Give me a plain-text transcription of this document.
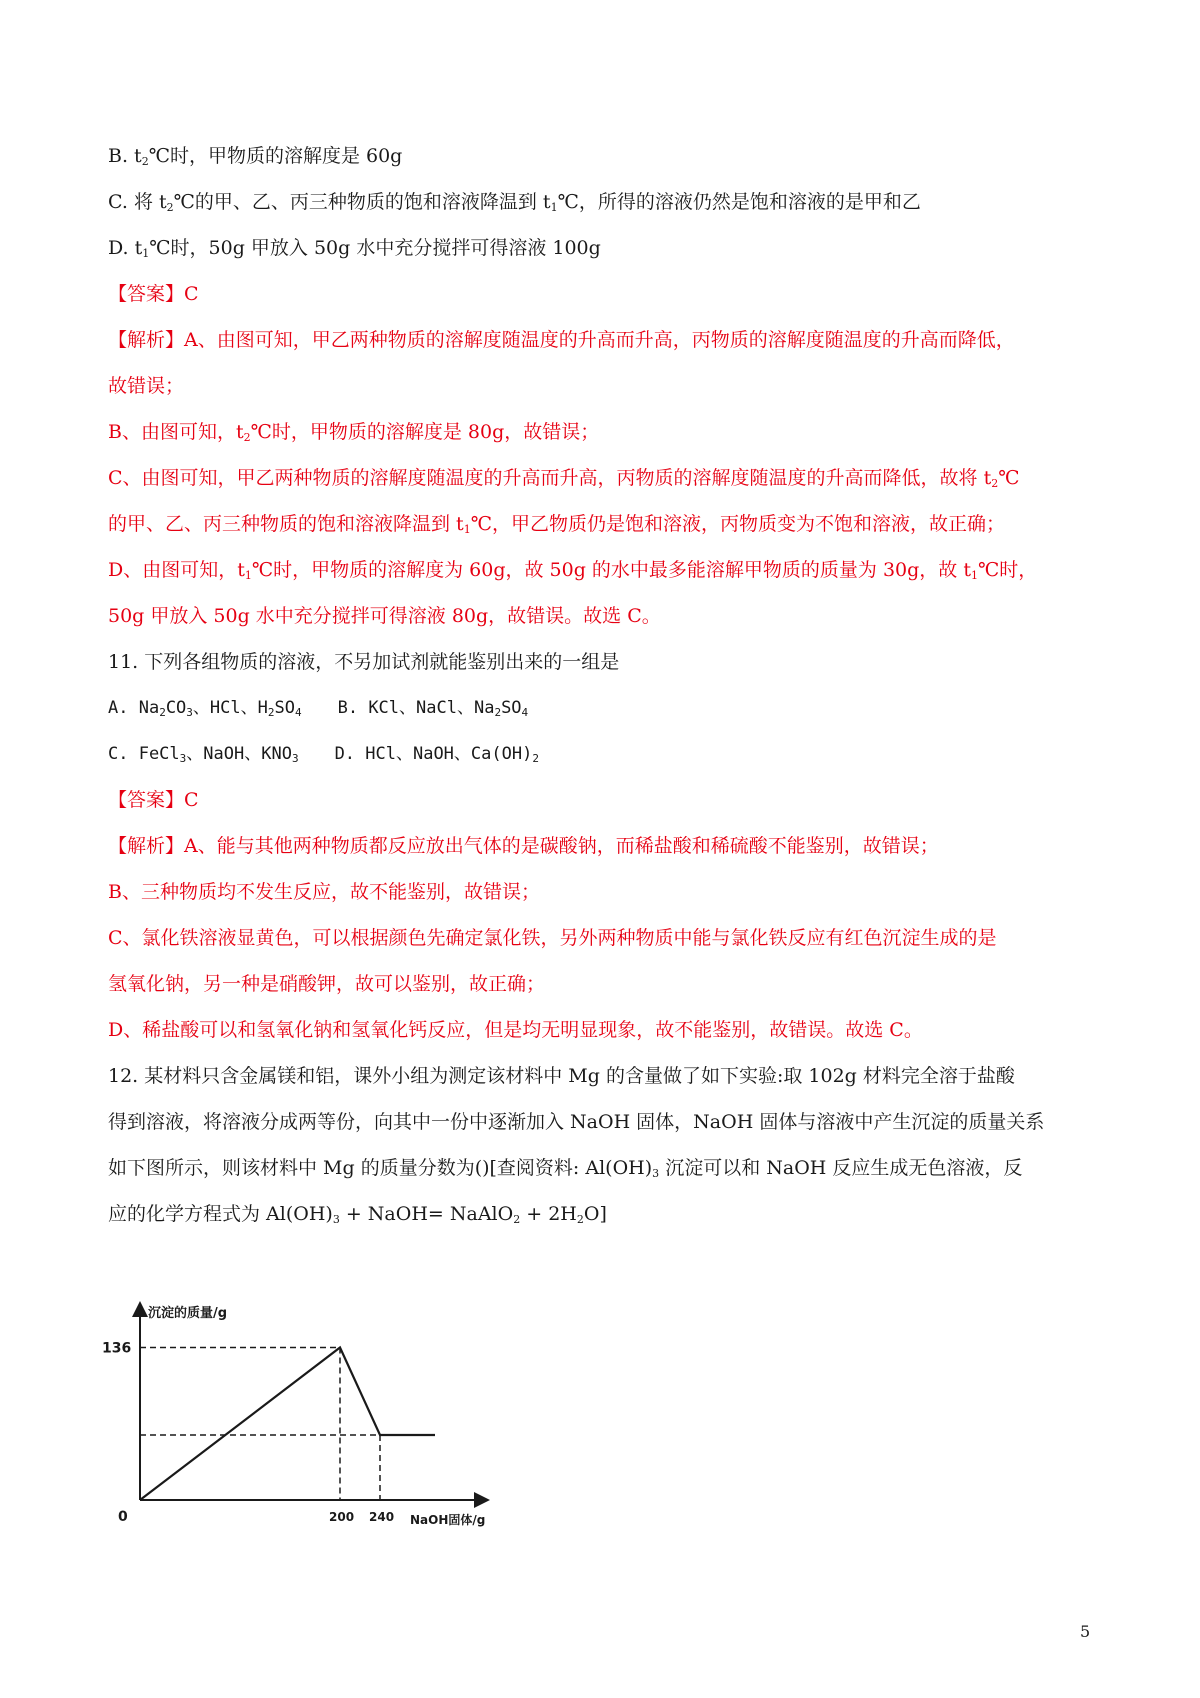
B. $t_2℃$时，甲物质的溶解度是 60g
C. 将 $t_2℃$的甲、乙、丙三种物质的饱和溶液降温到 $t_1℃$，所得的溶液仍然是饱和溶液的是甲和乙
D. $t_1℃$时，50g 甲放入 50g 水中充分搅拌可得溶液 100g
【答案】C
【解析】A、由图可知，甲乙两种物质的溶解度随温度的升高而升高，丙物质的溶解度随温度的升高而降低，
故错误；
B、由图可知，$t_2℃$时，甲物质的溶解度是 80g，故错误；
C、由图可知，甲乙两种物质的溶解度随温度的升高而升高，丙物质的溶解度随温度的升高而降低，故将 $t_2℃$
的甲、乙、丙三种物质的饱和溶液降温到 $t_1℃$，甲乙物质仍是饱和溶液，丙物质变为不饱和溶液，故正确；
D、由图可知，$t_1℃$时，甲物质的溶解度为 60g，故 50g 的水中最多能溶解甲物质的质量为 30g，故 $t_1℃$时，
50g 甲放入 50g 水中充分搅拌可得溶液 80g，故错误。故选 C。
11. 下列各组物质的溶液，不另加试剂就能鉴别出来的一组是
A. $Na_2CO_3$、HCl、$H_2SO_4$ B. KCl、NaCl、$Na_2SO_4$
C. FeCl$_3$、NaOH、$KNO_3$ D. HCl、NaOH、$Ca(OH)_2$
【答案】C
【解析】A、能与其他两种物质都反应放出气体的是碳酸钠，而稀盐酸和稀硫酸不能鉴别，故错误；
B、三种物质均不发生反应，故不能鉴别，故错误；
C、氯化铁溶液显黄色，可以根据颜色先确定氯化铁，另外两种物质中能与氯化铁反应有红色沉淀生成的是
氢氧化钠，另一种是硝酸钾，故可以鉴别，故正确；
D、稀盐酸可以和氢氧化钠和氢氧化钙反应，但是均无明显现象，故不能鉴别，故错误。故选 C。
12. 某材料只含金属镁和铝，课外小组为测定该材料中 Mg 的含量做了如下实验:取 102g 材料完全溶于盐酸
得到溶液，将溶液分成两等份，向其中一份中逐渐加入 NaOH 固体，NaOH 固体与溶液中产生沉淀的质量关系
如下图所示，则该材料中 Mg 的质量分数为()[查阅资料: $Al(OH)_3$ 沉淀可以和 NaOH 反应生成无色溶液，反
应的化学方程式为 $Al(OH)_3$ + NaOH= NaAlO$_2$ + $2H_2O$]
沉淀的质量/g
NaOH固体/g
0
136
200 240
5
